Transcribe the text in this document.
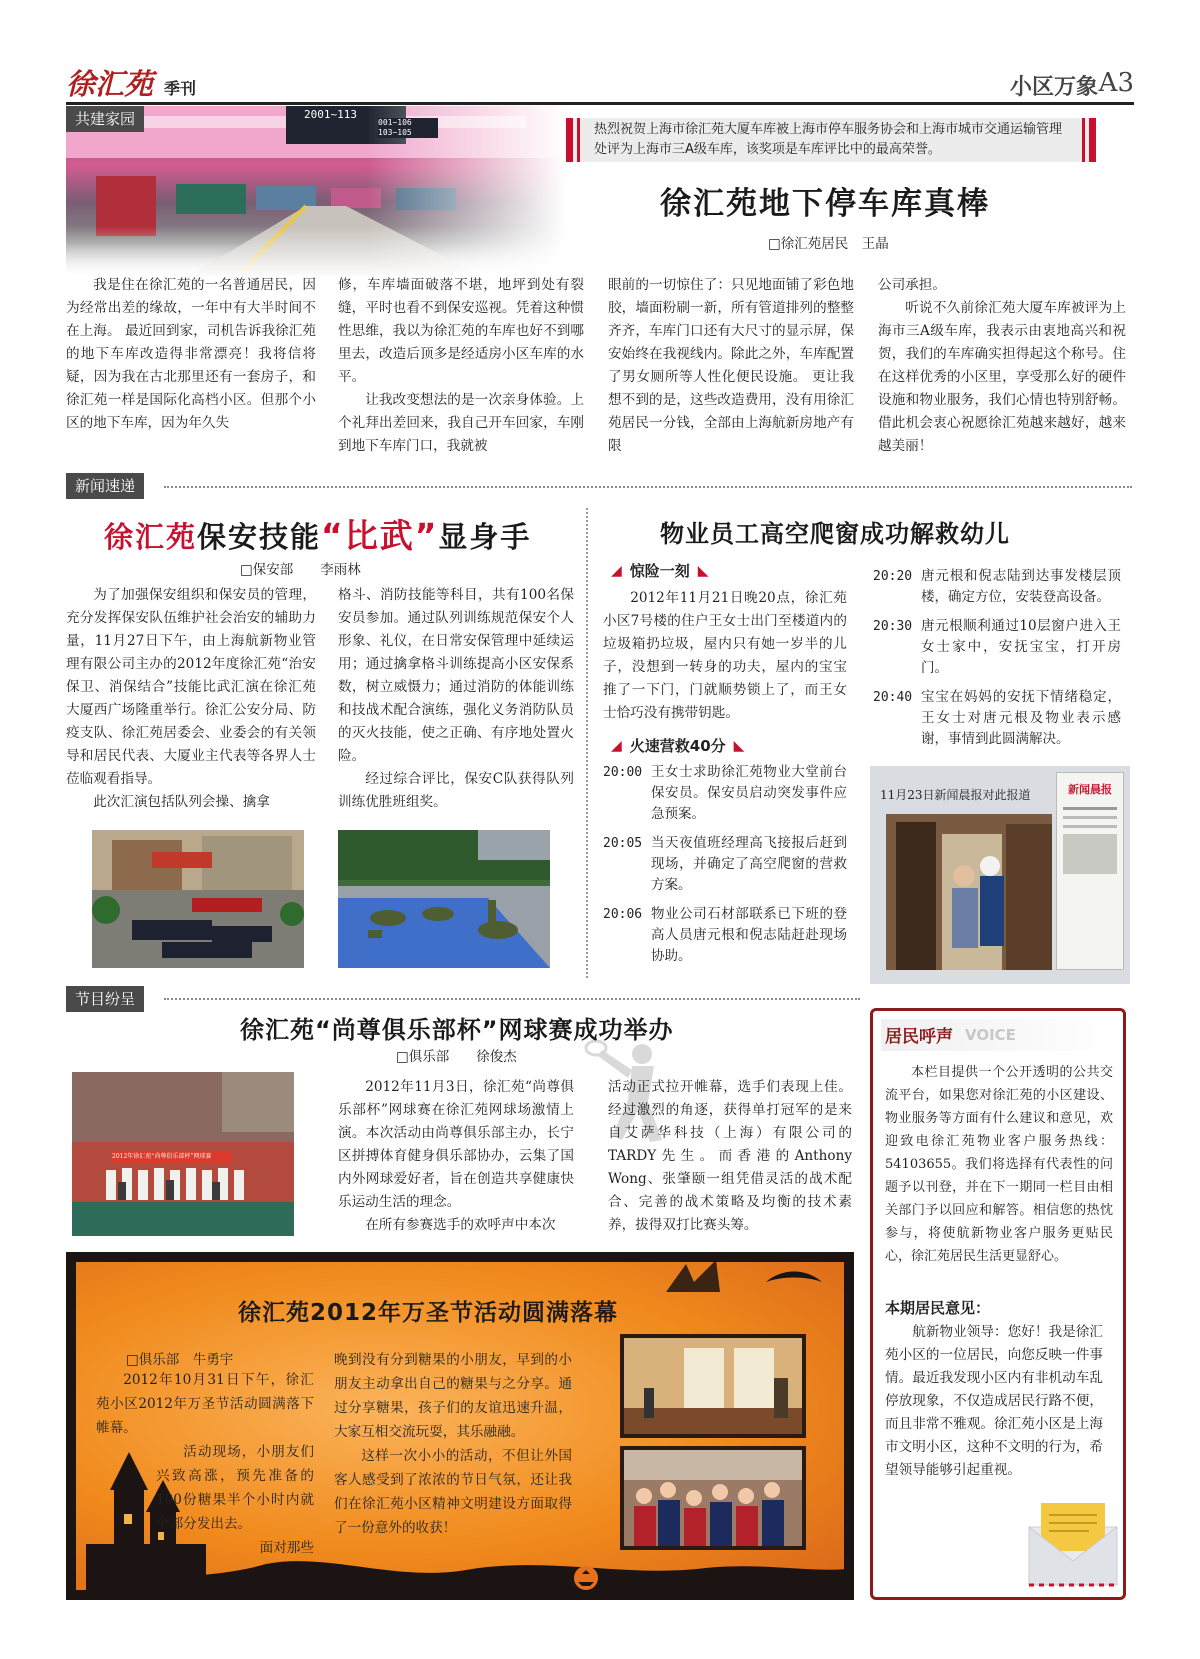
徐汇苑 季刊	小区万象 A3
2001~113
001~106 103~105
共建家园
热烈祝贺上海市徐汇苑大厦车库被上海市停车服务协会和上海市城市交通运输管理处评为上海市三A级车库，该奖项是车库评比中的最高荣誉。
徐汇苑地下停车库真棒
□徐汇苑居民　王晶

我是住在徐汇苑的一名普通居民，因为经常出差的缘故，一年中有大半时间不在上海。 最近回到家，司机告诉我徐汇苑的地下车库改造得非常漂亮！我将信将疑，因为我在古北那里还有一套房子，和徐汇苑一样是国际化高档小区。但那个小区的地下车库，因为年久失

修，车库墙面破落不堪，地坪到处有裂缝，平时也看不到保安巡视。凭着这种惯性思维，我以为徐汇苑的车库也好不到哪里去，改造后顶多是经适房小区车库的水平。

让我改变想法的是一次亲身体验。上个礼拜出差回来，我自己开车回家，车刚到地下车库门口，我就被

眼前的一切惊住了：只见地面铺了彩色地胶，墙面粉刷一新，所有管道排列的整整齐齐，车库门口还有大尺寸的显示屏，保安始终在我视线内。除此之外，车库配置了男女厕所等人性化便民设施。 更让我想不到的是，这些改造费用，没有用徐汇苑居民一分钱，全部由上海航新房地产有限

公司承担。

听说不久前徐汇苑大厦车库被评为上海市三A级车库，我表示由衷地高兴和祝贺，我们的车库确实担得起这个称号。住在这样优秀的小区里，享受那么好的硬件设施和物业服务，我们心情也特别舒畅。借此机会衷心祝愿徐汇苑越来越好，越来越美丽！

新闻速递
徐汇苑保安技能“比武”显身手
□保安部　　李雨林

为了加强保安组织和保安员的管理，充分发挥保安队伍维护社会治安的辅助力量，11月27日下午，由上海航新物业管理有限公司主办的2012年度徐汇苑“治安保卫、消保结合”技能比武汇演在徐汇苑大厦西广场隆重举行。徐汇公安分局、防疫支队、徐汇苑居委会、业委会的有关领导和居民代表、大厦业主代表等各界人士莅临观看指导。

此次汇演包括队列会操、擒拿

格斗、消防技能等科目，共有100名保安员参加。通过队列训练规范保安个人形象、礼仪，在日常安保管理中延续运用；通过擒拿格斗训练提高小区安保系数，树立威慑力；通过消防的体能训练和技战术配合演练，强化义务消防队员的灭火技能，使之正确、有序地处置火险。

经过综合评比，保安C队获得队列训练优胜班组奖。

物业员工高空爬窗成功解救幼儿
◢ 惊险一刻 ◣

2012年11月21日晚20点，徐汇苑小区7号楼的住户王女士出门至楼道内的垃圾箱扔垃圾，屋内只有她一岁半的儿子，没想到一转身的功夫，屋内的宝宝推了一下门，门就顺势锁上了，而王女士恰巧没有携带钥匙。

◢ 火速营救40分 ◣
20:00 王女士求助徐汇苑物业大堂前台保安员。保安员启动突发事件应急预案。
20:05 当天夜值班经理高飞接报后赶到现场，并确定了高空爬窗的营救方案。
20:06 物业公司石材部联系已下班的登高人员唐元根和倪志陆赶赴现场协助。
20:20 唐元根和倪志陆到达事发楼层顶楼，确定方位，安装登高设备。
20:30 唐元根顺利通过10层窗户进入王女士家中，安抚宝宝，打开房门。
20:40 宝宝在妈妈的安抚下情绪稳定，王女士对唐元根及物业表示感谢，事情到此圆满解决。
11月23日新闻晨报对此报道	新闻晨报
节目纷呈
徐汇苑“尚尊俱乐部杯”网球赛成功举办
□俱乐部　　徐俊杰
2012年徐汇苑“尚尊俱乐部杯”网球赛

2012年11月3日，徐汇苑“尚尊俱乐部杯”网球赛在徐汇苑网球场激情上演。本次活动由尚尊俱乐部主办，长宁区拼搏体育健身俱乐部协办，云集了国内外网球爱好者，旨在创造共享健康快乐运动生活的理念。

在所有参赛选手的欢呼声中本次

活动正式拉开帷幕，选手们表现上佳。经过激烈的角逐，获得单打冠军的是来自艾萨华科技（上海）有限公司的TARDY先生。而香港的Anthony Wong、张肇颐一组凭借灵活的战术配合、完善的战术策略及均衡的技术素养，拔得双打比赛头筹。

徐汇苑2012年万圣节活动圆满落幕
□俱乐部　牛勇宇

2012年10月31日下午，徐汇苑小区2012年万圣节活动圆满落下帷幕。

活动现场，小朋友们兴致高涨，预先准备的100份糖果半个小时内就全部分发出去。

面对那些

晚到没有分到糖果的小朋友，早到的小朋友主动拿出自己的糖果与之分享。通过分享糖果，孩子们的友谊迅速升温，大家互相交流玩耍，其乐融融。

这样一次小小的活动，不但让外国客人感受到了浓浓的节日气氛，还让我们在徐汇苑小区精神文明建设方面取得了一份意外的收获！

居民呼声 VOICE

本栏目提供一个公开透明的公共交流平台，如果您对徐汇苑的小区建设、物业服务等方面有什么建议和意见，欢迎致电徐汇苑物业客户服务热线：54103655。我们将选择有代表性的问题予以刊登，并在下一期同一栏目由相关部门予以回应和解答。相信您的热忱参与，将使航新物业客户服务更贴民心，徐汇苑居民生活更显舒心。

本期居民意见：

航新物业领导：您好！我是徐汇苑小区的一位居民，向您反映一件事情。最近我发现小区内有非机动车乱停放现象，不仅造成居民行路不便，而且非常不雅观。徐汇苑小区是上海市文明小区，这种不文明的行为，希望领导能够引起重视。
